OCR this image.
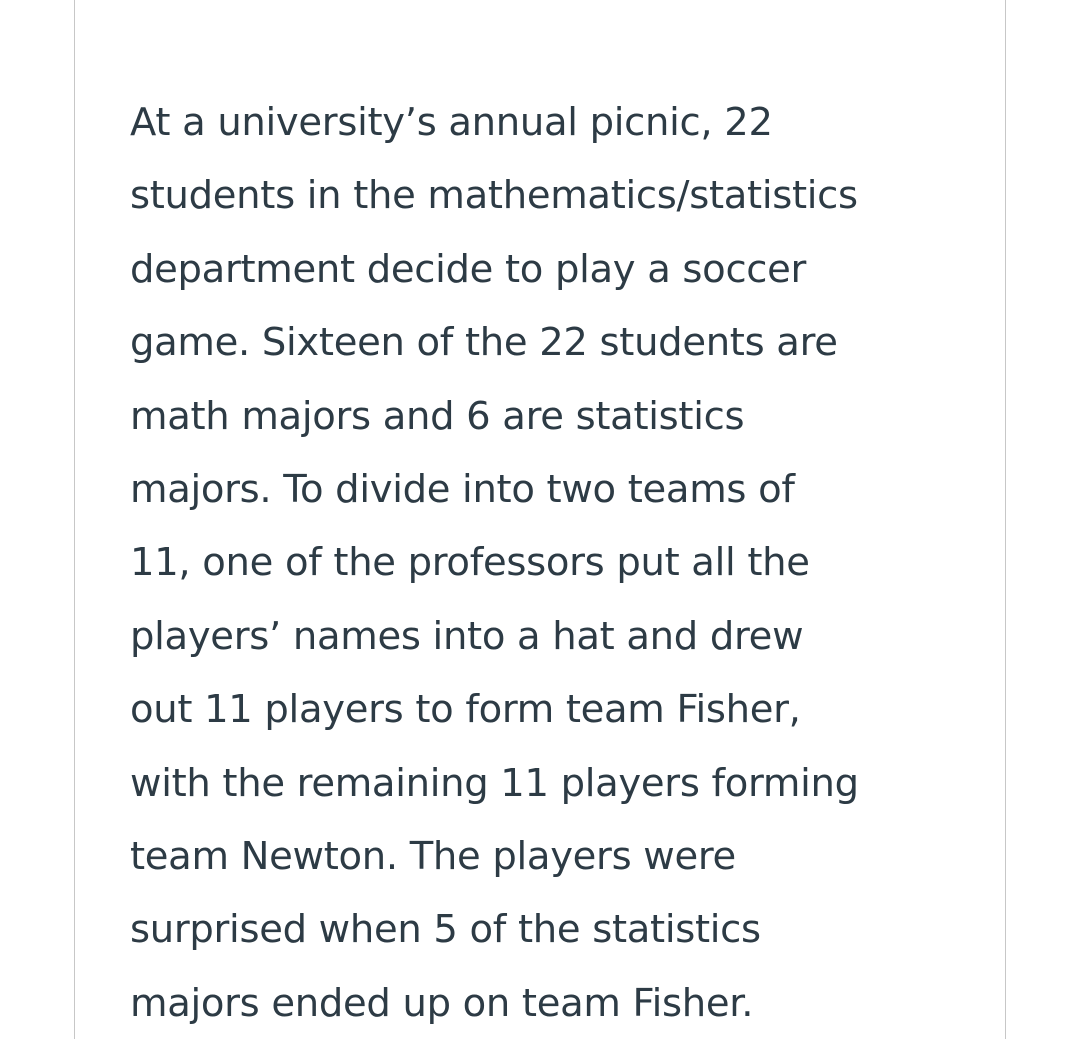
At a university’s annual picnic, 22
students in the mathematics/statistics
department decide to play a soccer
game. Sixteen of the 22 students are
math majors and 6 are statistics
majors. To divide into two teams of
11, one of the professors put all the
players’ names into a hat and drew
out 11 players to form team Fisher,
with the remaining 11 players forming
team Newton. The players were
surprised when 5 of the statistics
majors ended up on team Fisher.
